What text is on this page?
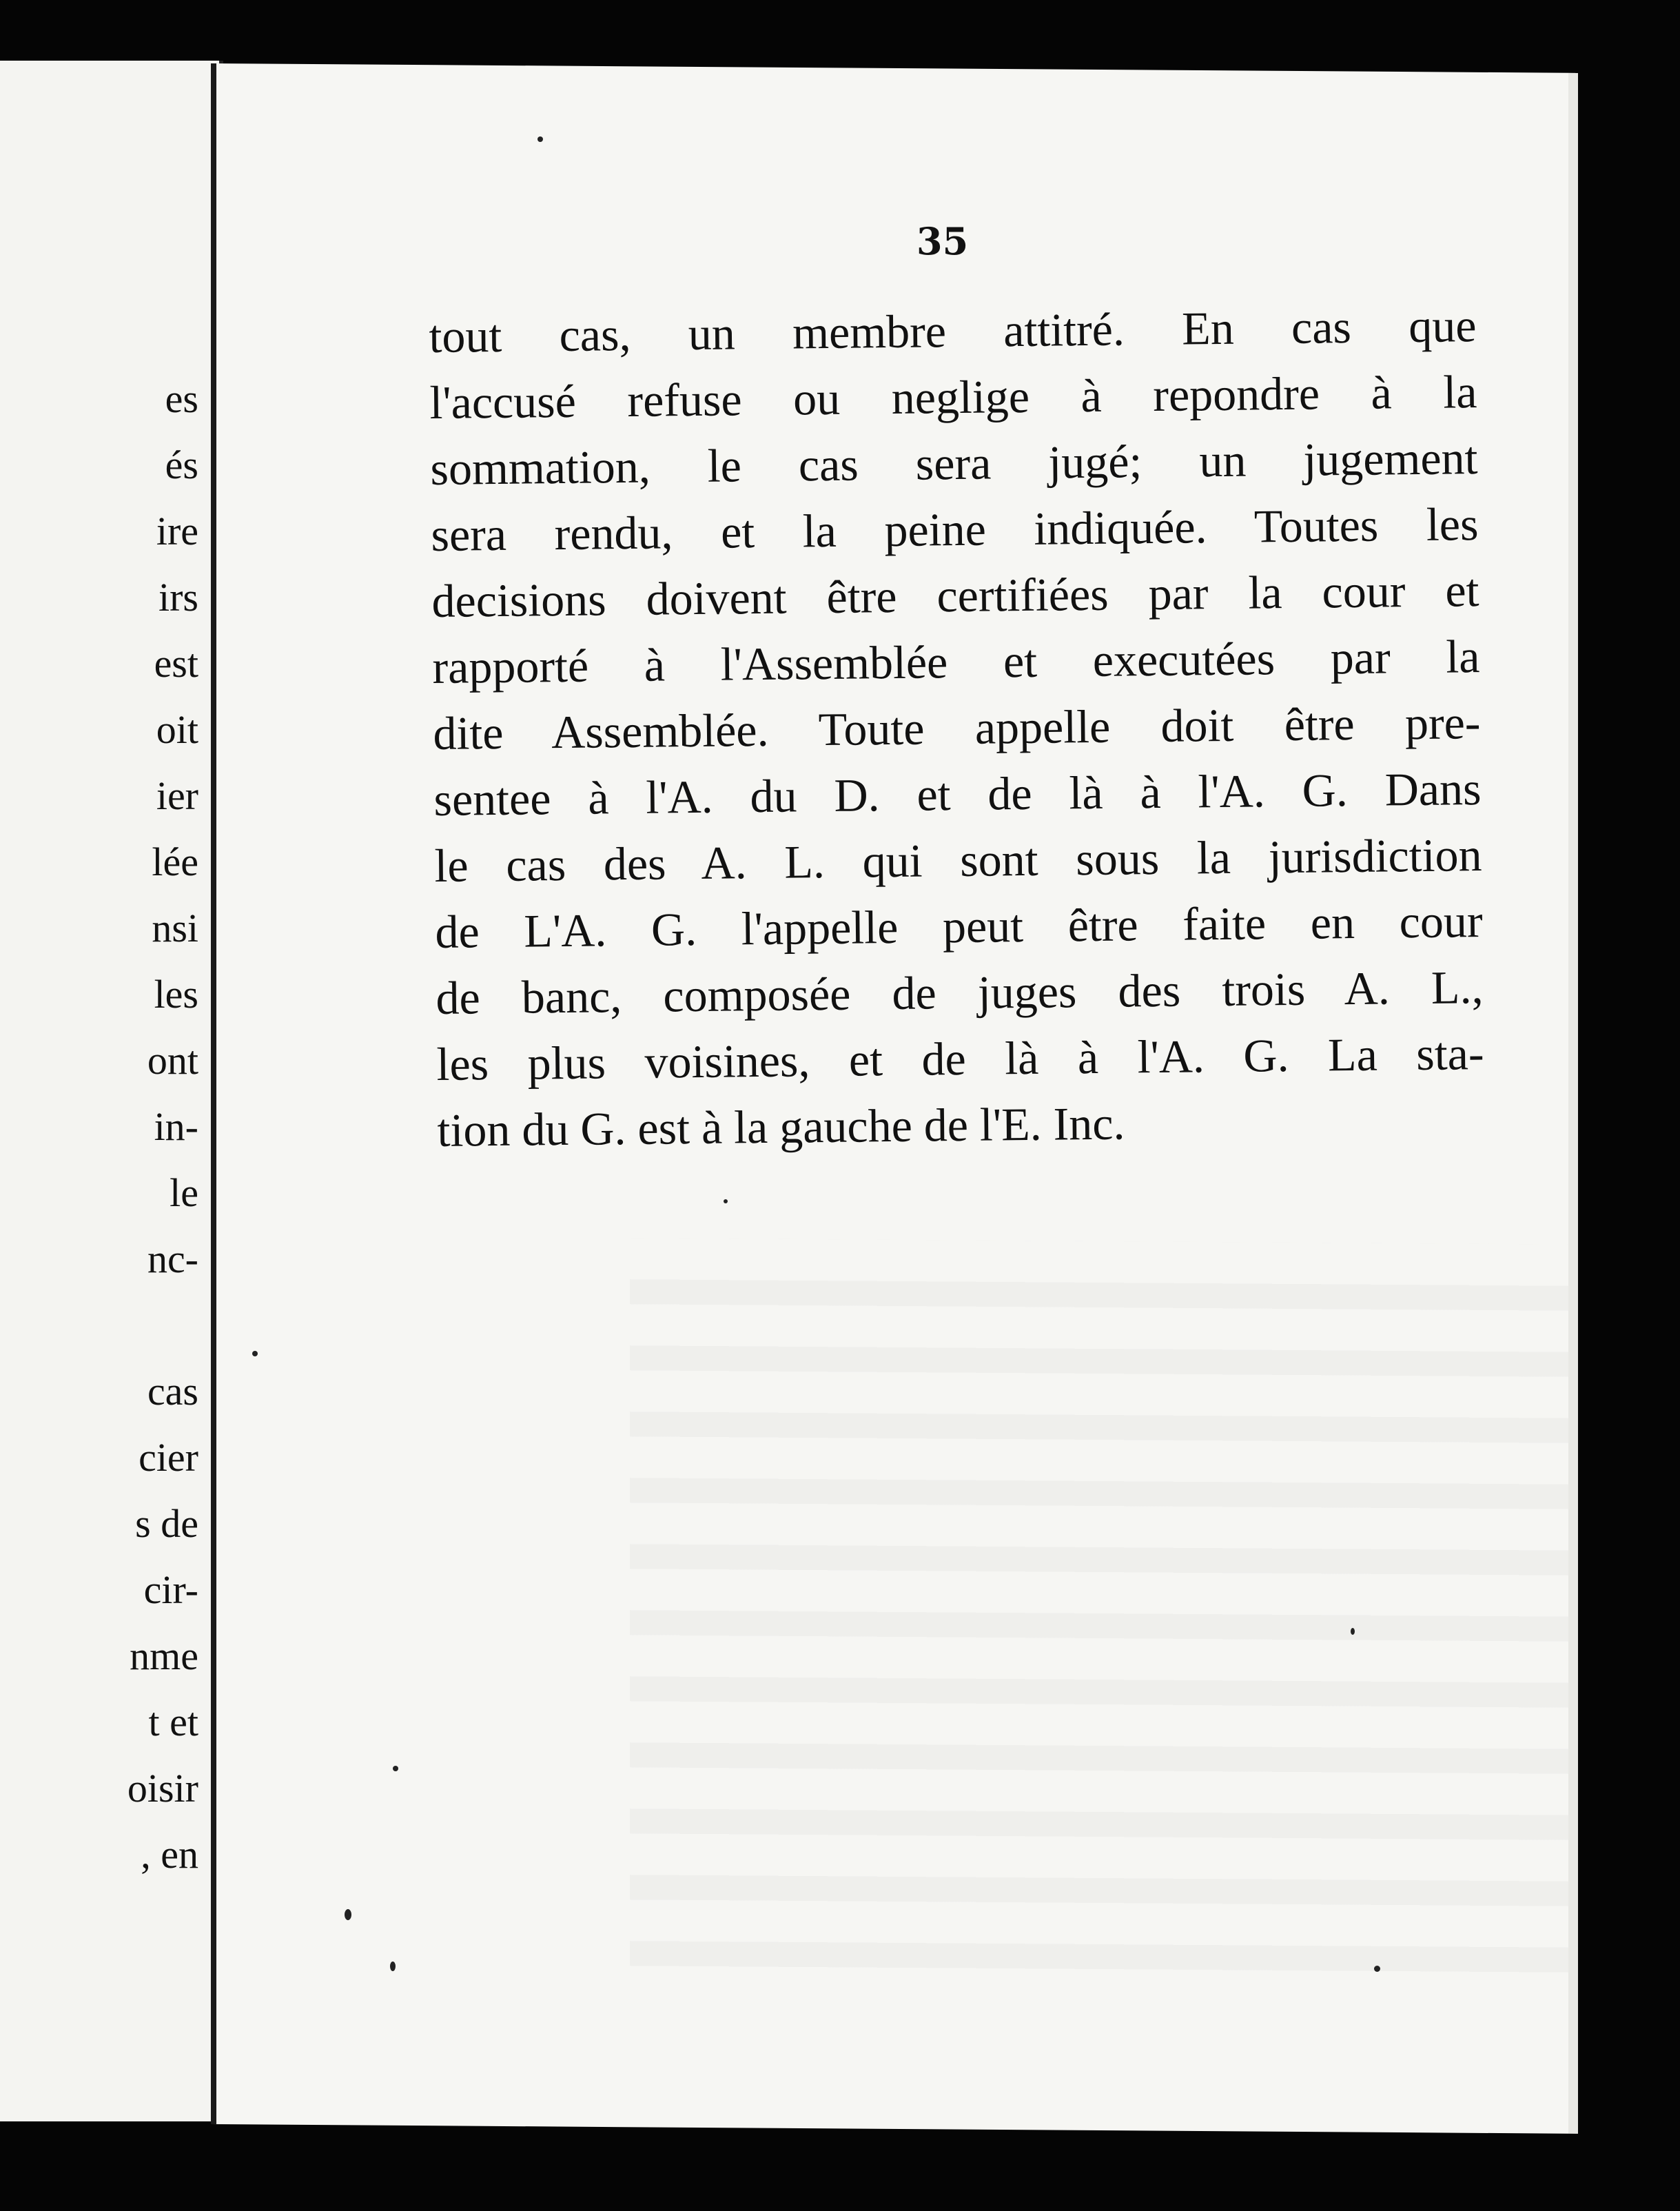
es
és
ire
irs
est
oit
ier
lée
nsi
les
ont
in-
le
nc-
cas
cier
s de
cir-
nme
t et
oisir
, en
35
tout cas, un membre attitré. En cas que
l'accusé refuse ou neglige à repondre à la
sommation, le cas sera jugé; un jugement
sera rendu, et la peine indiquée. Toutes les
decisions doivent être certifiées par la cour et
rapporté à l'Assemblée et executées par la
dite Assemblée. Toute appelle doit être pre-
sentee à l'A. du D. et de là à l'A. G. Dans
le cas des A. L. qui sont sous la jurisdiction
de L'A. G. l'appelle peut être faite en cour
de banc, composée de juges des trois A. L.,
les plus voisines, et de là à l'A. G. La sta-
tion du G. est à la gauche de l'E. Inc.
